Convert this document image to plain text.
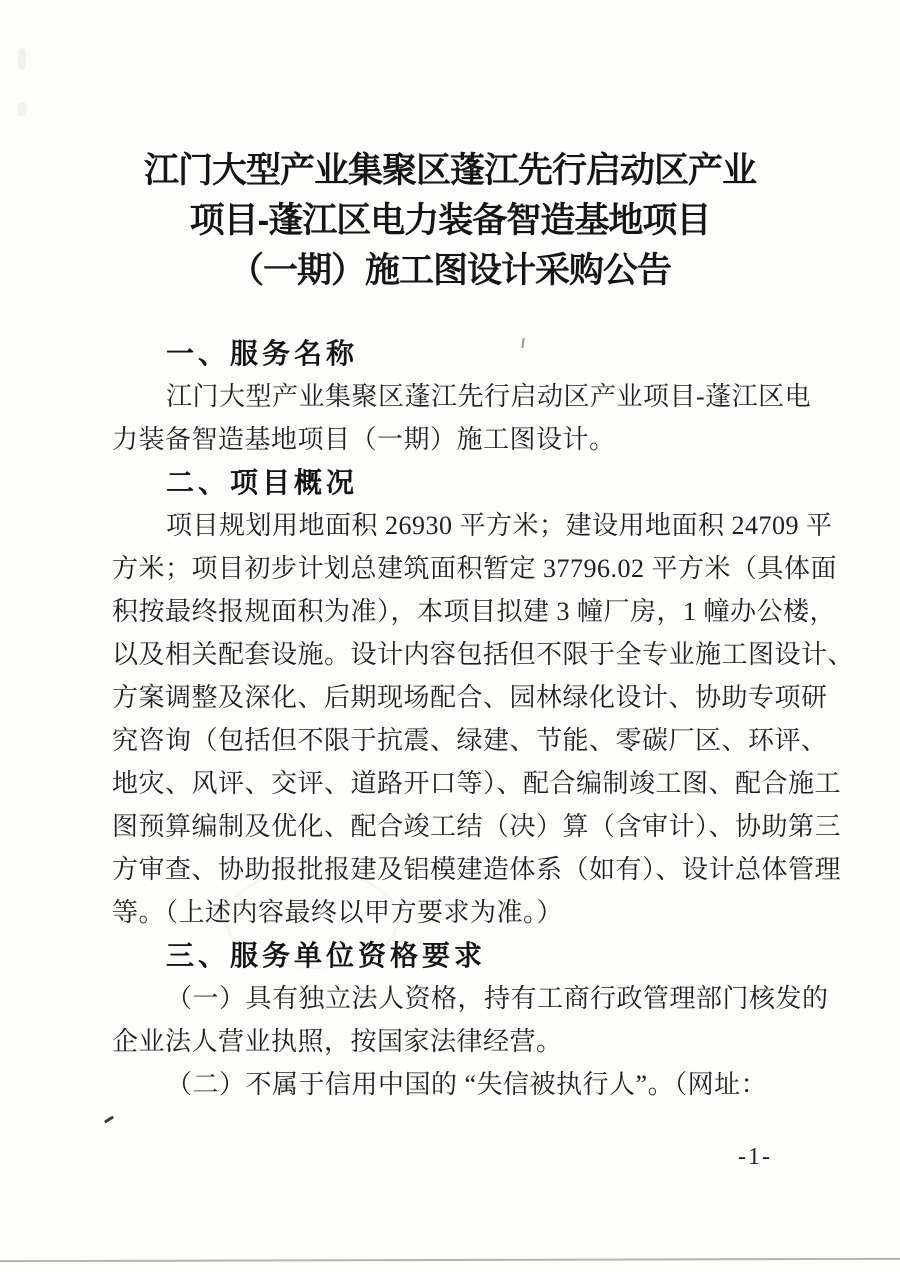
江门大型产业集聚区蓬江先行启动区产业
项目-蓬江区电力装备智造基地项目
（一期）施工图设计采购公告
一、服务名称
江门大型产业集聚区蓬江先行启动区产业项目-蓬江区电
力装备智造基地项目（一期）施工图设计。
二、项目概况
项目规划用地面积 26930 平方米；建设用地面积 24709 平
方米；项目初步计划总建筑面积暂定 37796.02 平方米（具体面
积按最终报规面积为准），本项目拟建 3 幢厂房，1 幢办公楼，
以及相关配套设施。设计内容包括但不限于全专业施工图设计、
方案调整及深化、后期现场配合、园林绿化设计、协助专项研
究咨询（包括但不限于抗震、绿建、节能、零碳厂区、环评、
地灾、风评、交评、道路开口等）、配合编制竣工图、配合施工
图预算编制及优化、配合竣工结（决）算（含审计）、协助第三
方审查、协助报批报建及铝模建造体系（如有）、设计总体管理
等。（上述内容最终以甲方要求为准。）
三、服务单位资格要求
（一）具有独立法人资格，持有工商行政管理部门核发的
企业法人营业执照，按国家法律经营。
（二）不属于信用中国的 “失信被执行人”。（网址：
-1-
